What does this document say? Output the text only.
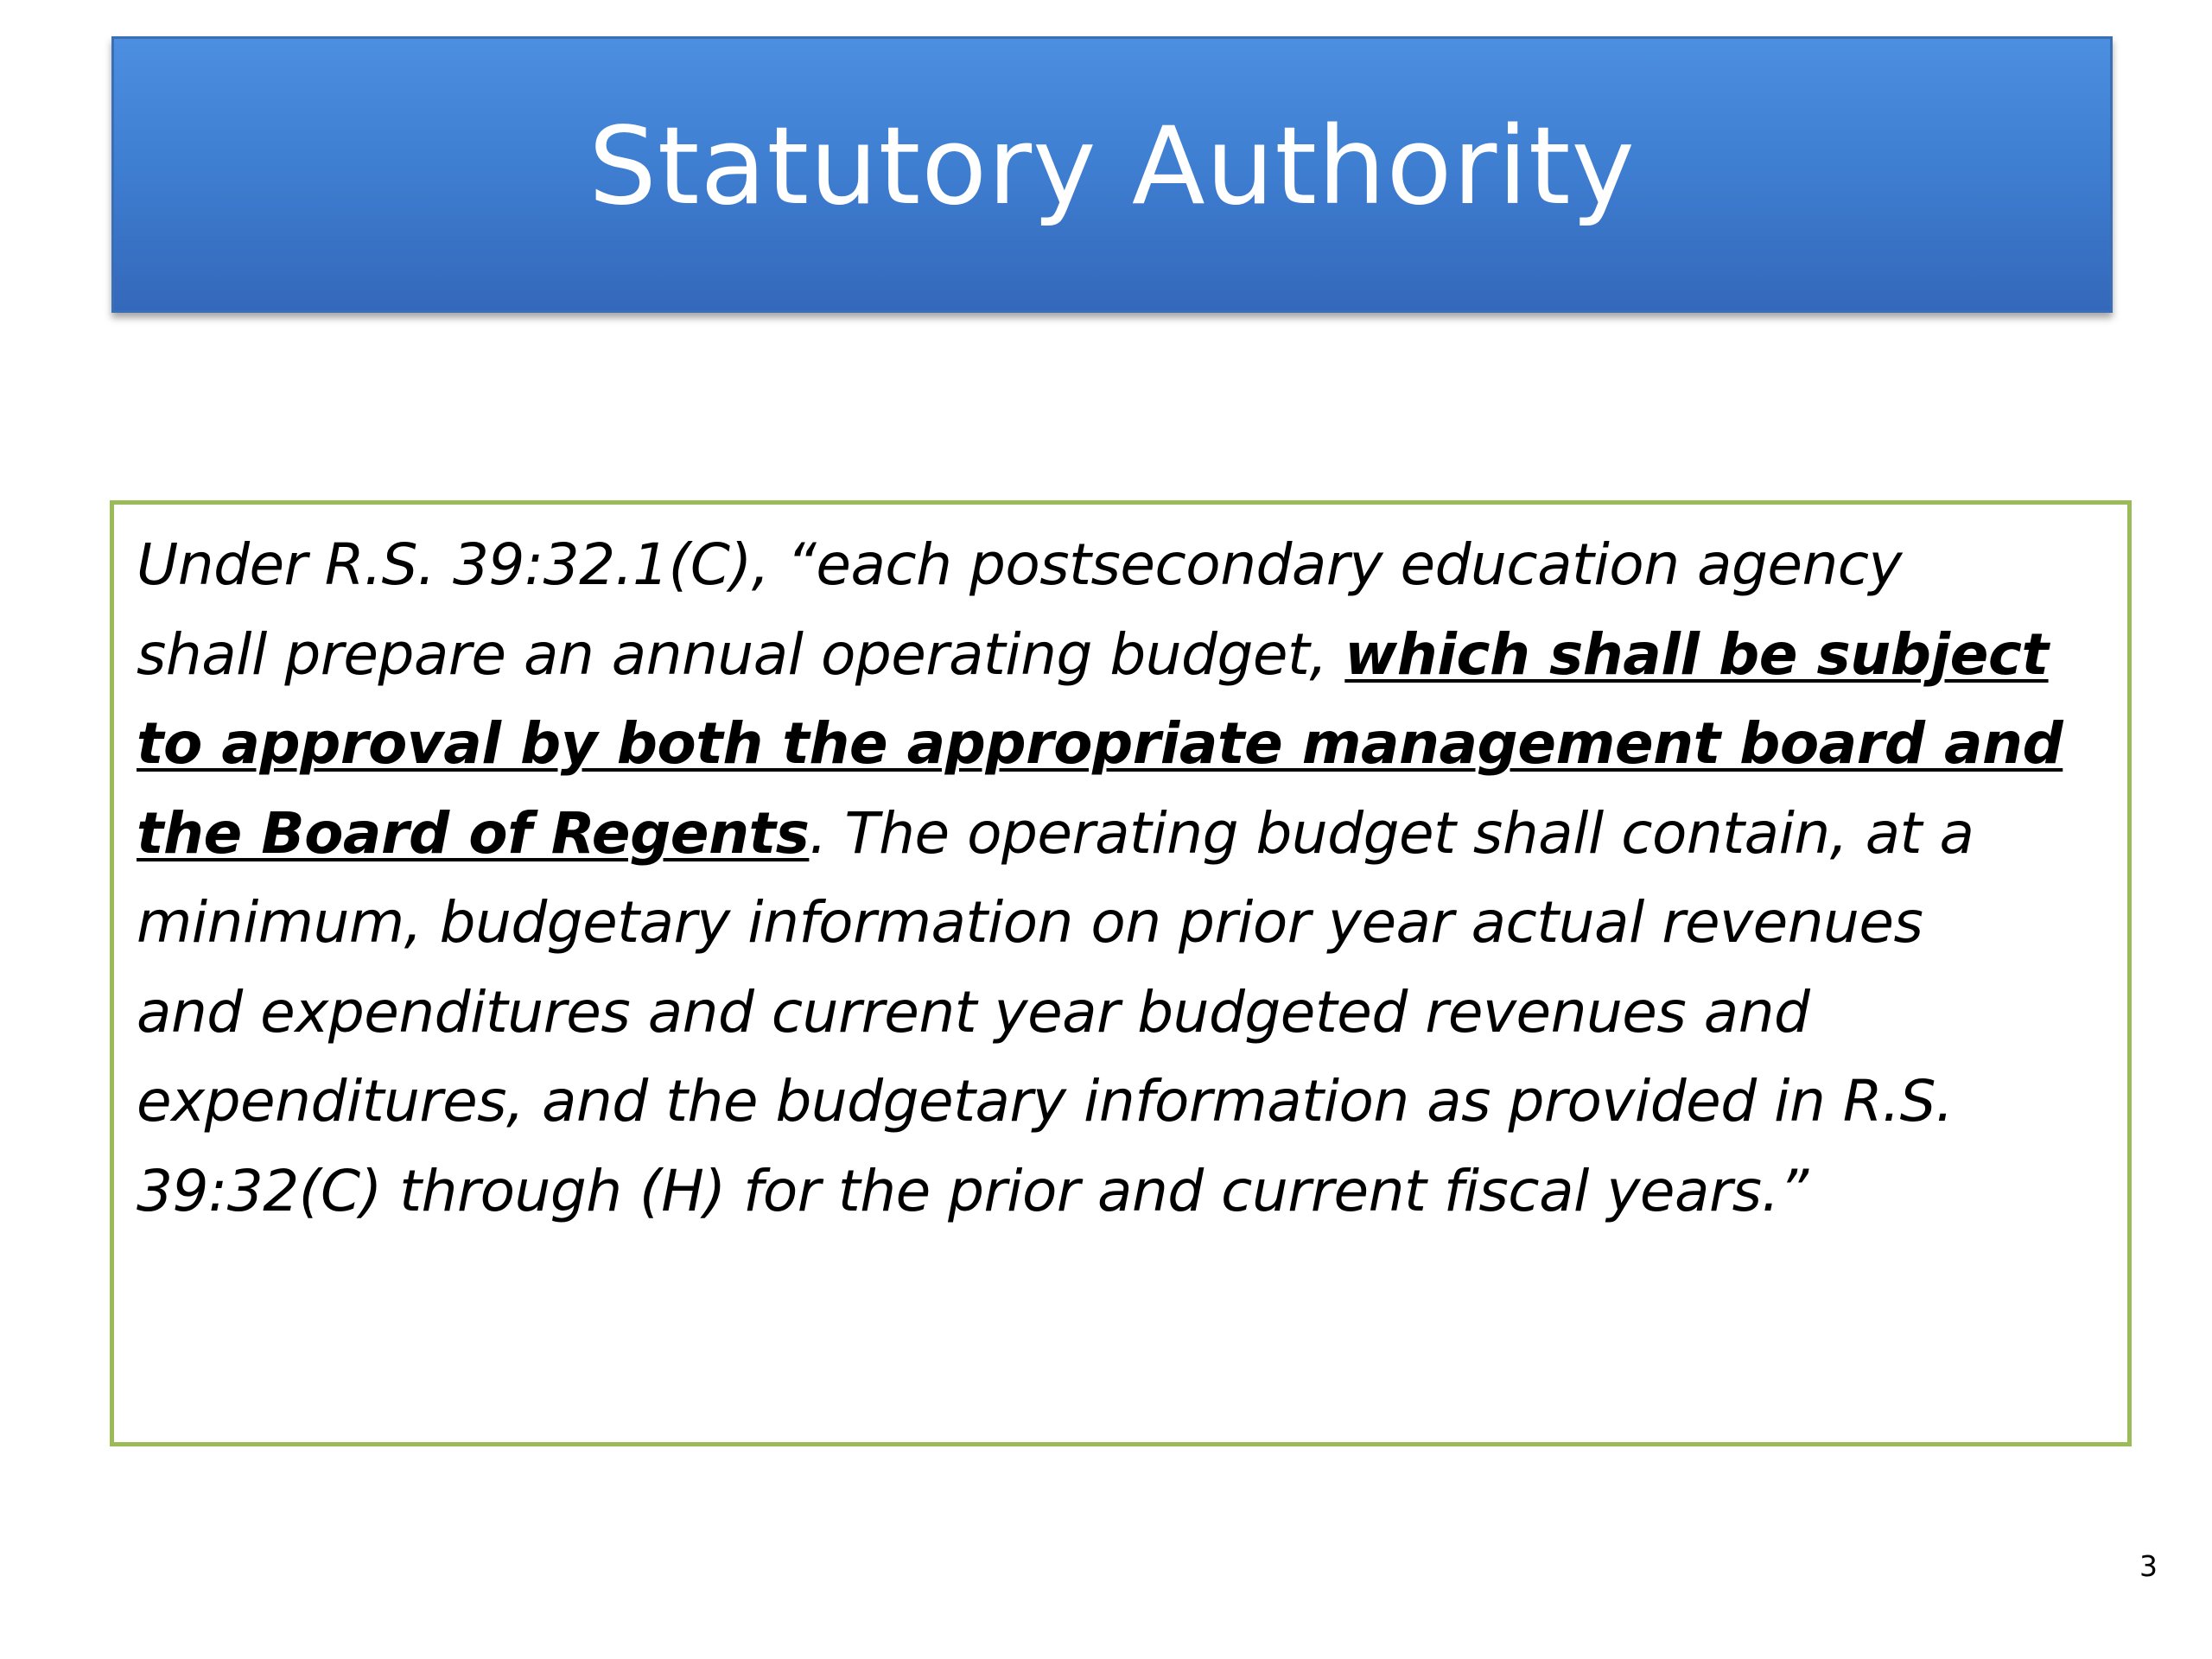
Statutory Authority

Under R.S. 39:32.1(C), “each postsecondary education agency
shall prepare an annual operating budget, which shall be subject
to approval by both the appropriate management board and
the Board of Regents. The operating budget shall contain, at a
minimum, budgetary information on prior year actual revenues
and expenditures and current year budgeted revenues and
expenditures, and the budgetary information as provided in R.S.
39:32(C) through (H) for the prior and current fiscal years.”

3
